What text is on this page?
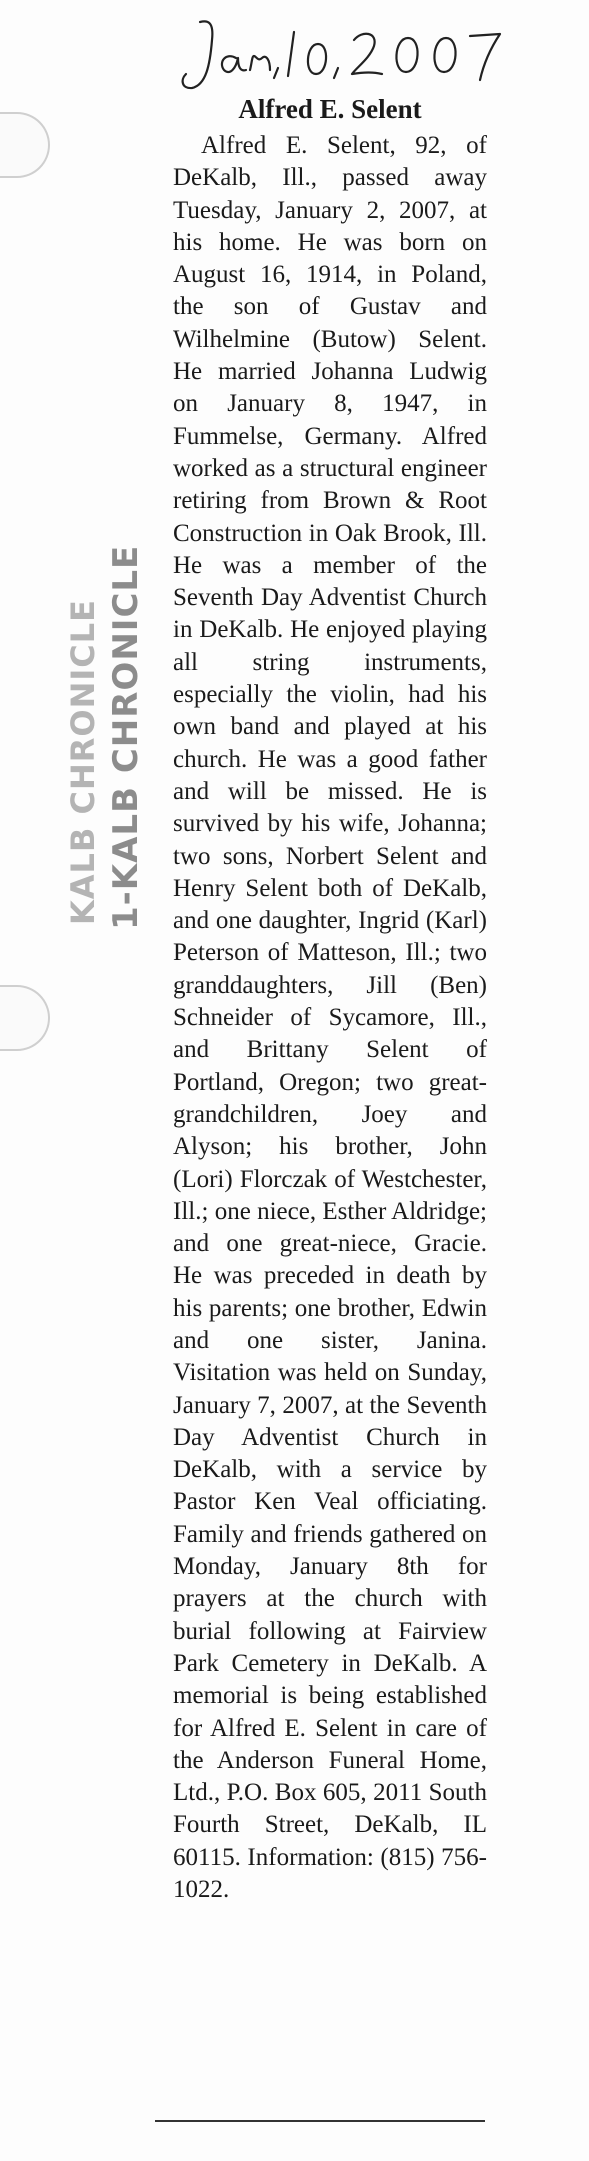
KALB CHRONICLE 1-KALB CHRONICLE
Alfred E. Selent

Alfred E. Selent, 92, of DeKalb, Ill., passed away Tuesday, January 2, 2007, at his home. He was born on August 16, 1914, in Poland, the son of Gustav and Wilhelmine (Butow) Selent. He married Johanna Ludwig on January 8, 1947, in Fummelse, Germany. Alfred worked as a structural engineer retiring from Brown & Root Construction in Oak Brook, Ill. He was a member of the Seventh Day Adventist Church in DeKalb. He enjoyed playing all string instruments, especially the violin, had his own band and played at his church. He was a good father and will be missed. He is survived by his wife, Johanna; two sons, Norbert Selent and Henry Selent both of DeKalb, and one daughter, Ingrid (Karl) Peterson of Matteson, Ill.; two granddaughters, Jill (Ben) Schneider of Sycamore, Ill., and Brittany Selent of Portland, Oregon; two great-grandchildren, Joey and Alyson; his brother, John (Lori) Florczak of Westchester, Ill.; one niece, Esther Aldridge; and one great-niece, Gracie. He was preceded in death by his parents; one brother, Edwin and one sister, Janina. Visitation was held on Sunday, January 7, 2007, at the Seventh Day Adventist Church in DeKalb, with a service by Pastor Ken Veal officiating. Family and friends gathered on Monday, January 8th for prayers at the church with burial following at Fairview Park Cemetery in DeKalb. A memorial is being established for Alfred E. Selent in care of the Anderson Funeral Home, Ltd., P.O. Box 605, 2011 South Fourth Street, DeKalb, IL 60115. Information: (815) 756-1022.
